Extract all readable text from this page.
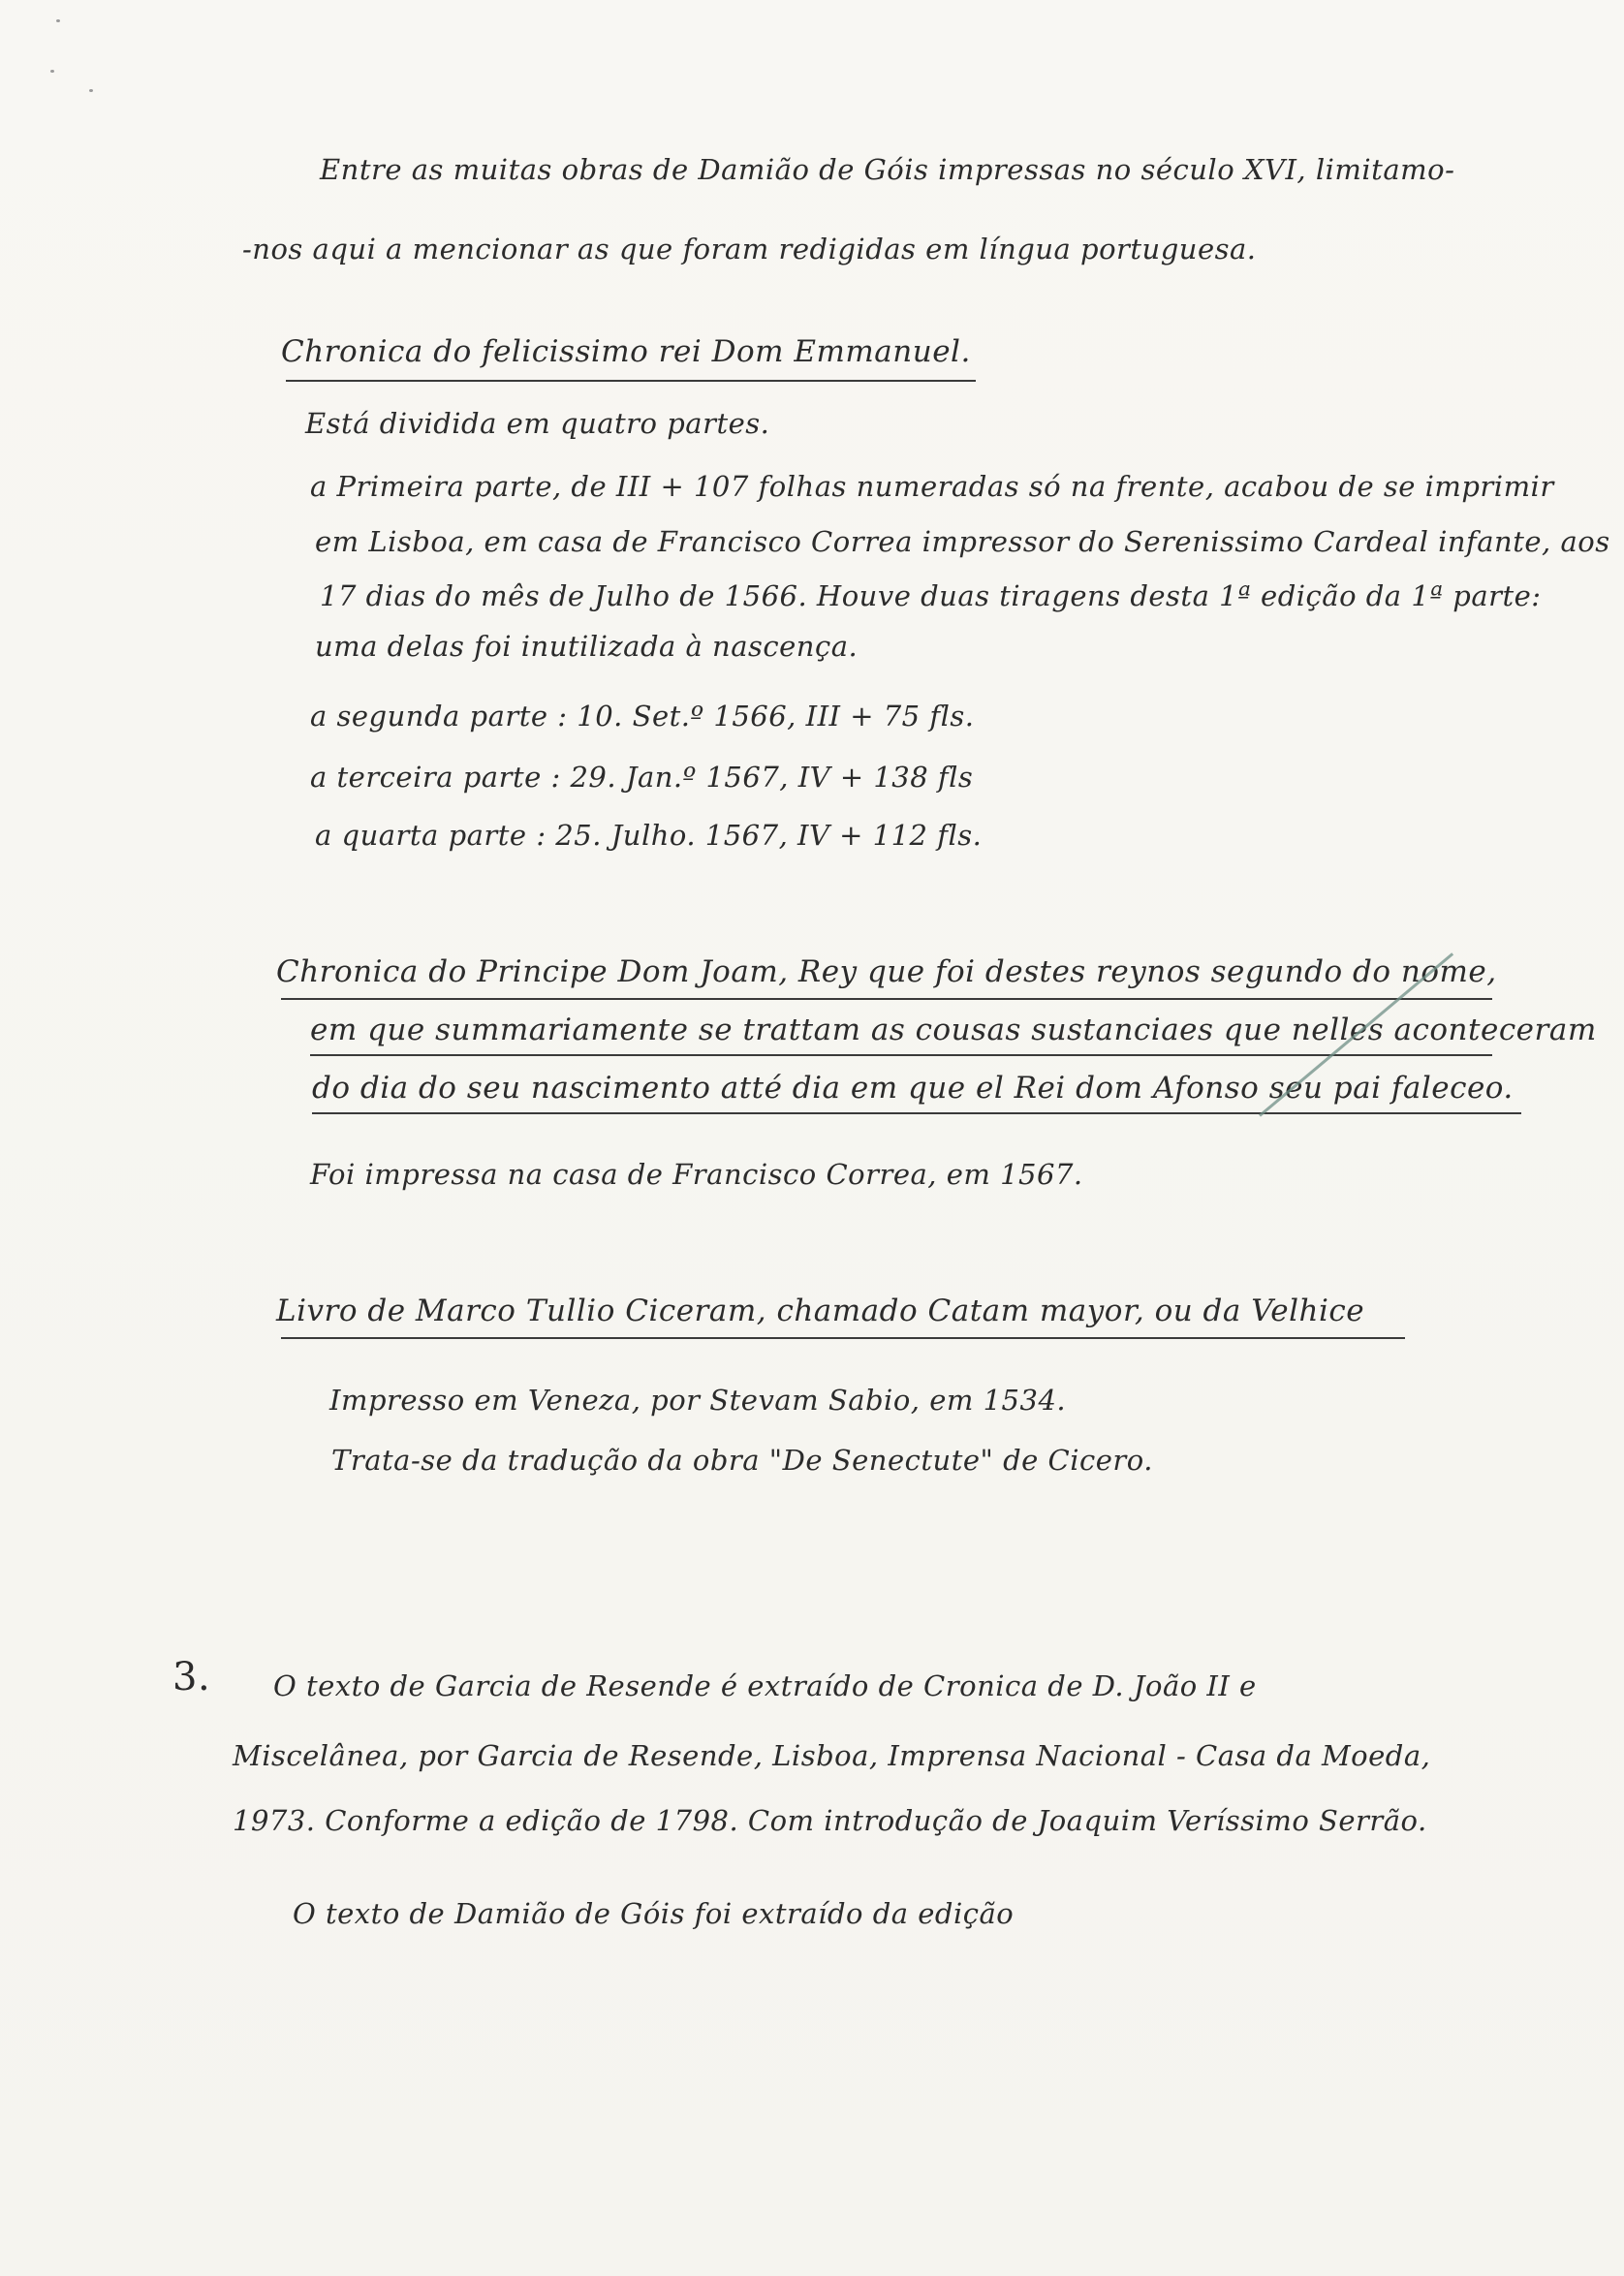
Entre as muitas obras de Damião de Góis impressas no século XVI, limitamo-
-nos aqui a mencionar as que foram redigidas em língua portuguesa.
Chronica do felicissimo rei Dom Emmanuel.
Está dividida em quatro partes.
a Primeira parte, de III + 107 folhas numeradas só na frente, acabou de se imprimir
em Lisboa, em casa de Francisco Correa impressor do Serenissimo Cardeal infante, aos
17 dias do mês de Julho de 1566. Houve duas tiragens desta 1ª edição da 1ª parte:
uma delas foi inutilizada à nascença.
a segunda parte : 10. Set.º 1566, III + 75 fls.
a terceira parte : 29. Jan.º 1567, IV + 138 fls
a quarta parte : 25. Julho. 1567, IV + 112 fls.
Chronica do Principe Dom Joam, Rey que foi destes reynos segundo do nome,
em que summariamente se trattam as cousas sustanciaes que nelles aconteceram
do dia do seu nascimento atté dia em que el Rei dom Afonso seu pai faleceo.
Foi impressa na casa de Francisco Correa, em 1567.
Livro de Marco Tullio Ciceram, chamado Catam mayor, ou da Velhice
Impresso em Veneza, por Stevam Sabio, em 1534.
Trata-se da tradução da obra "De Senectute" de Cicero.
3. O texto de Garcia de Resende é extraído de Cronica de D. João II e
Miscelânea, por Garcia de Resende, Lisboa, Imprensa Nacional - Casa da Moeda,
1973. Conforme a edição de 1798. Com introdução de Joaquim Veríssimo Serrão.
O texto de Damião de Góis foi extraído da edição
